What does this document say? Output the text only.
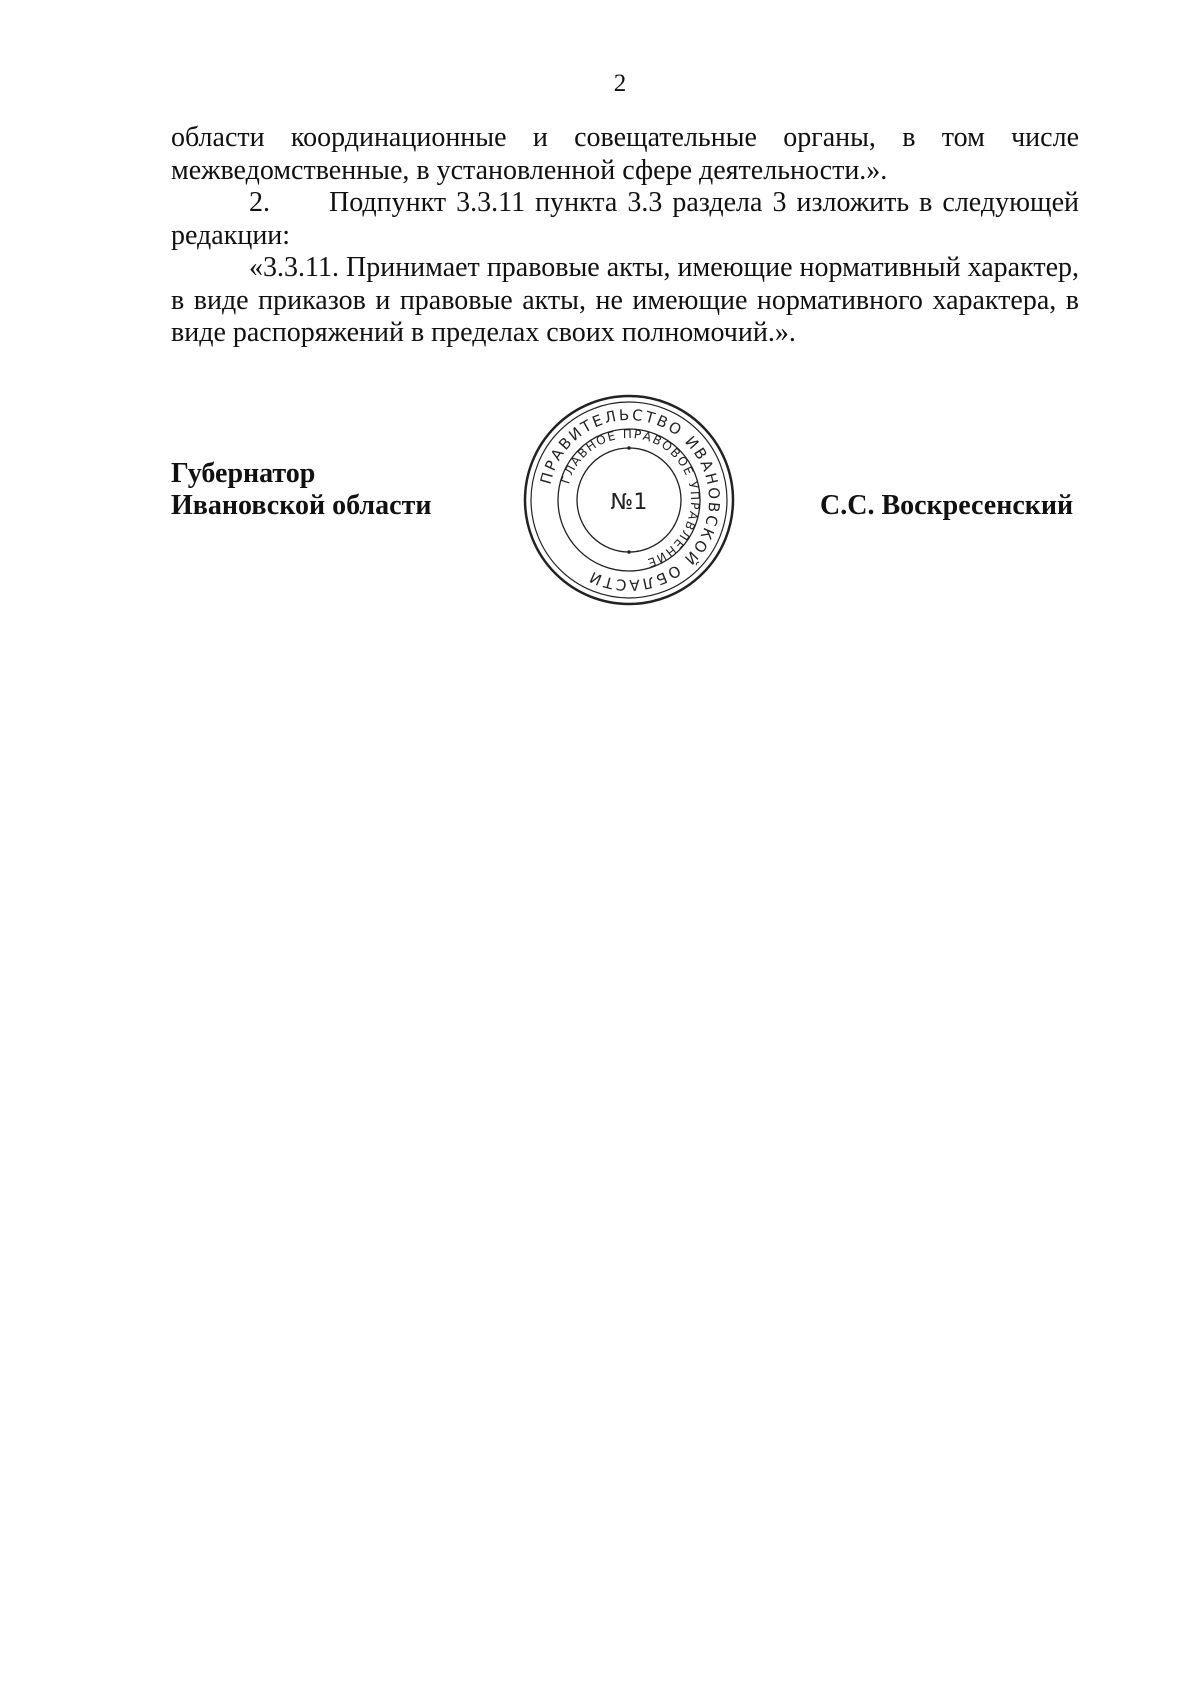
2

области координационные и совещательные органы, в том числе межведомственные, в установленной сфере деятельности.».

2. Подпункт 3.3.11 пункта 3.3 раздела 3 изложить в следующей редакции:

«3.3.11. Принимает правовые акты, имеющие нормативный характер, в виде приказов и правовые акты, не имеющие нормативного характера, в виде распоряжений в пределах своих полномочий.».

Губернатор
Ивановской области	С.С. Воскресенский
ПРАВИТЕЛЬСТВО ИВАНОВСКОЙ ОБЛАСТИ
ГЛАВНОЕ ПРАВОВОЕ УПРАВЛЕНИЕ
№1
